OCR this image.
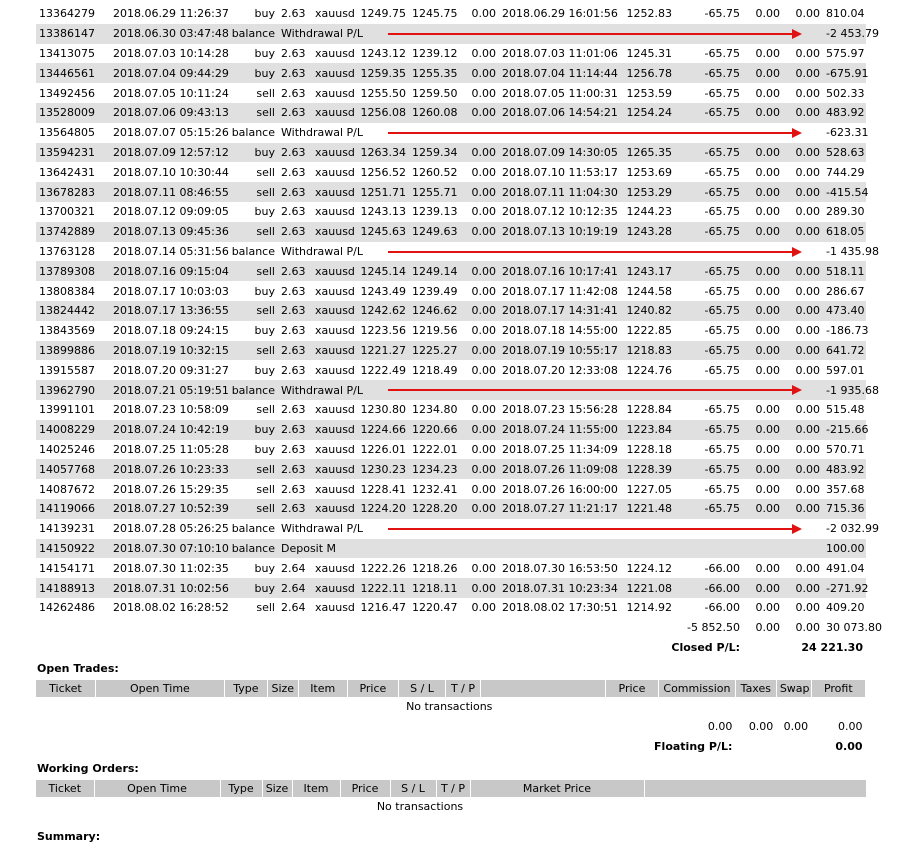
13364279	2018.06.29 11:26:37	buy	2.63	xauusd	1249.75	1245.75	0.00	2018.06.29 16:01:56	1252.83	-65.75	0.00	0.00	810.04
13386147	2018.06.30 03:47:48	balance	Withdrawal P/L										-2 453.79
13413075	2018.07.03 10:14:28	buy	2.63	xauusd	1243.12	1239.12	0.00	2018.07.03 11:01:06	1245.31	-65.75	0.00	0.00	575.97
13446561	2018.07.04 09:44:29	buy	2.63	xauusd	1259.35	1255.35	0.00	2018.07.04 11:14:44	1256.78	-65.75	0.00	0.00	-675.91
13492456	2018.07.05 10:11:24	sell	2.63	xauusd	1255.50	1259.50	0.00	2018.07.05 11:00:31	1253.59	-65.75	0.00	0.00	502.33
13528009	2018.07.06 09:43:13	sell	2.63	xauusd	1256.08	1260.08	0.00	2018.07.06 14:54:21	1254.24	-65.75	0.00	0.00	483.92
13564805	2018.07.07 05:15:26	balance	Withdrawal P/L										-623.31
13594231	2018.07.09 12:57:12	buy	2.63	xauusd	1263.34	1259.34	0.00	2018.07.09 14:30:05	1265.35	-65.75	0.00	0.00	528.63
13642431	2018.07.10 10:30:44	sell	2.63	xauusd	1256.52	1260.52	0.00	2018.07.10 11:53:17	1253.69	-65.75	0.00	0.00	744.29
13678283	2018.07.11 08:46:55	sell	2.63	xauusd	1251.71	1255.71	0.00	2018.07.11 11:04:30	1253.29	-65.75	0.00	0.00	-415.54
13700321	2018.07.12 09:09:05	buy	2.63	xauusd	1243.13	1239.13	0.00	2018.07.12 10:12:35	1244.23	-65.75	0.00	0.00	289.30
13742889	2018.07.13 09:45:36	sell	2.63	xauusd	1245.63	1249.63	0.00	2018.07.13 10:19:19	1243.28	-65.75	0.00	0.00	618.05
13763128	2018.07.14 05:31:56	balance	Withdrawal P/L										-1 435.98
13789308	2018.07.16 09:15:04	sell	2.63	xauusd	1245.14	1249.14	0.00	2018.07.16 10:17:41	1243.17	-65.75	0.00	0.00	518.11
13808384	2018.07.17 10:03:03	buy	2.63	xauusd	1243.49	1239.49	0.00	2018.07.17 11:42:08	1244.58	-65.75	0.00	0.00	286.67
13824442	2018.07.17 13:36:55	sell	2.63	xauusd	1242.62	1246.62	0.00	2018.07.17 14:31:41	1240.82	-65.75	0.00	0.00	473.40
13843569	2018.07.18 09:24:15	buy	2.63	xauusd	1223.56	1219.56	0.00	2018.07.18 14:55:00	1222.85	-65.75	0.00	0.00	-186.73
13899886	2018.07.19 10:32:15	sell	2.63	xauusd	1221.27	1225.27	0.00	2018.07.19 10:55:17	1218.83	-65.75	0.00	0.00	641.72
13915587	2018.07.20 09:31:27	buy	2.63	xauusd	1222.49	1218.49	0.00	2018.07.20 12:33:08	1224.76	-65.75	0.00	0.00	597.01
13962790	2018.07.21 05:19:51	balance	Withdrawal P/L										-1 935.68
13991101	2018.07.23 10:58:09	sell	2.63	xauusd	1230.80	1234.80	0.00	2018.07.23 15:56:28	1228.84	-65.75	0.00	0.00	515.48
14008229	2018.07.24 10:42:19	buy	2.63	xauusd	1224.66	1220.66	0.00	2018.07.24 11:55:00	1223.84	-65.75	0.00	0.00	-215.66
14025246	2018.07.25 11:05:28	buy	2.63	xauusd	1226.01	1222.01	0.00	2018.07.25 11:34:09	1228.18	-65.75	0.00	0.00	570.71
14057768	2018.07.26 10:23:33	sell	2.63	xauusd	1230.23	1234.23	0.00	2018.07.26 11:09:08	1228.39	-65.75	0.00	0.00	483.92
14087672	2018.07.26 15:29:35	sell	2.63	xauusd	1228.41	1232.41	0.00	2018.07.26 16:00:00	1227.05	-65.75	0.00	0.00	357.68
14119066	2018.07.27 10:52:39	sell	2.63	xauusd	1224.20	1228.20	0.00	2018.07.27 11:21:17	1221.48	-65.75	0.00	0.00	715.36
14139231	2018.07.28 05:26:25	balance	Withdrawal P/L										-2 032.99
14150922	2018.07.30 07:10:10	balance	Deposit M										100.00
14154171	2018.07.30 11:02:35	buy	2.64	xauusd	1222.26	1218.26	0.00	2018.07.30 16:53:50	1224.12	-66.00	0.00	0.00	491.04
14188913	2018.07.31 10:02:56	buy	2.64	xauusd	1222.11	1218.11	0.00	2018.07.31 10:23:34	1221.08	-66.00	0.00	0.00	-271.92
14262486	2018.08.02 16:28:52	sell	2.64	xauusd	1216.47	1220.47	0.00	2018.08.02 17:30:51	1214.92	-66.00	0.00	0.00	409.20
										-5 852.50	0.00	0.00	30 073.80
Closed P/L:											24 221.30		
Open Trades:
Ticket	Open Time	Type	Size	Item	Price	S / L	T / P		Price	Commission	Taxes	Swap	Profit
No transactions													
										0.00	0.00	0.00	0.00
Floating P/L:											0.00		
Working Orders:
Ticket	Open Time	Type	Size	Item	Price	S / L	T / P	Market Price	
No transactions
Summary:
